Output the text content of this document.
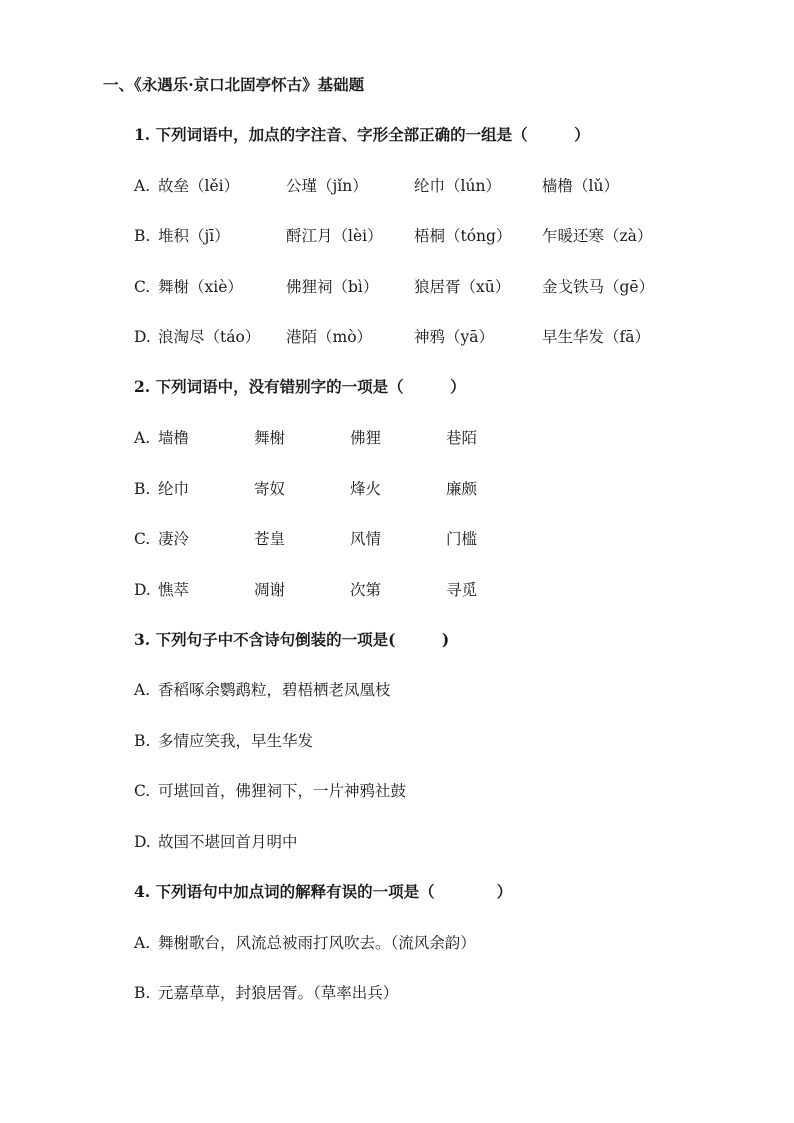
一、《永遇乐·京口北固亭怀古》基础题
1. 下列词语中，加点的字注音、字形全部正确的一组是（　　　）
A. 故垒（lěi）	公瑾（jǐn）	纶巾（lún）	樯橹（lǔ）
B. 堆积（jī）	酹江月（lèi） 梧桐（tóng） 乍暖还寒（zà）
C. 舞榭（xiè）	佛狸祠（bì） 狼居胥（xū） 金戈铁马（gē）
D. 浪淘尽（táo） 港陌（mò）	神鸦（yā）	早生华发（fā）
2. 下列词语中，没有错别字的一项是（　　　）
A. 墙橹	舞榭	佛狸	巷陌
B. 纶巾	寄奴	烽火	廉颇
C. 凄泠	苍皇	风情	门槛
D. 憔萃	凋谢	次第	寻觅
3. 下列句子中不含诗句倒装的一项是(　　　)
A. 香稻啄余鹦鹉粒，碧梧栖老凤凰枝
B. 多情应笑我，早生华发
C. 可堪回首，佛狸祠下，一片神鸦社鼓
D. 故国不堪回首月明中
4. 下列语句中加点词的解释有误的一项是（　　　　）
A. 舞榭歌台，风流总被雨打风吹去。（流风余韵）
B. 元嘉草草，封狼居胥。（草率出兵）
